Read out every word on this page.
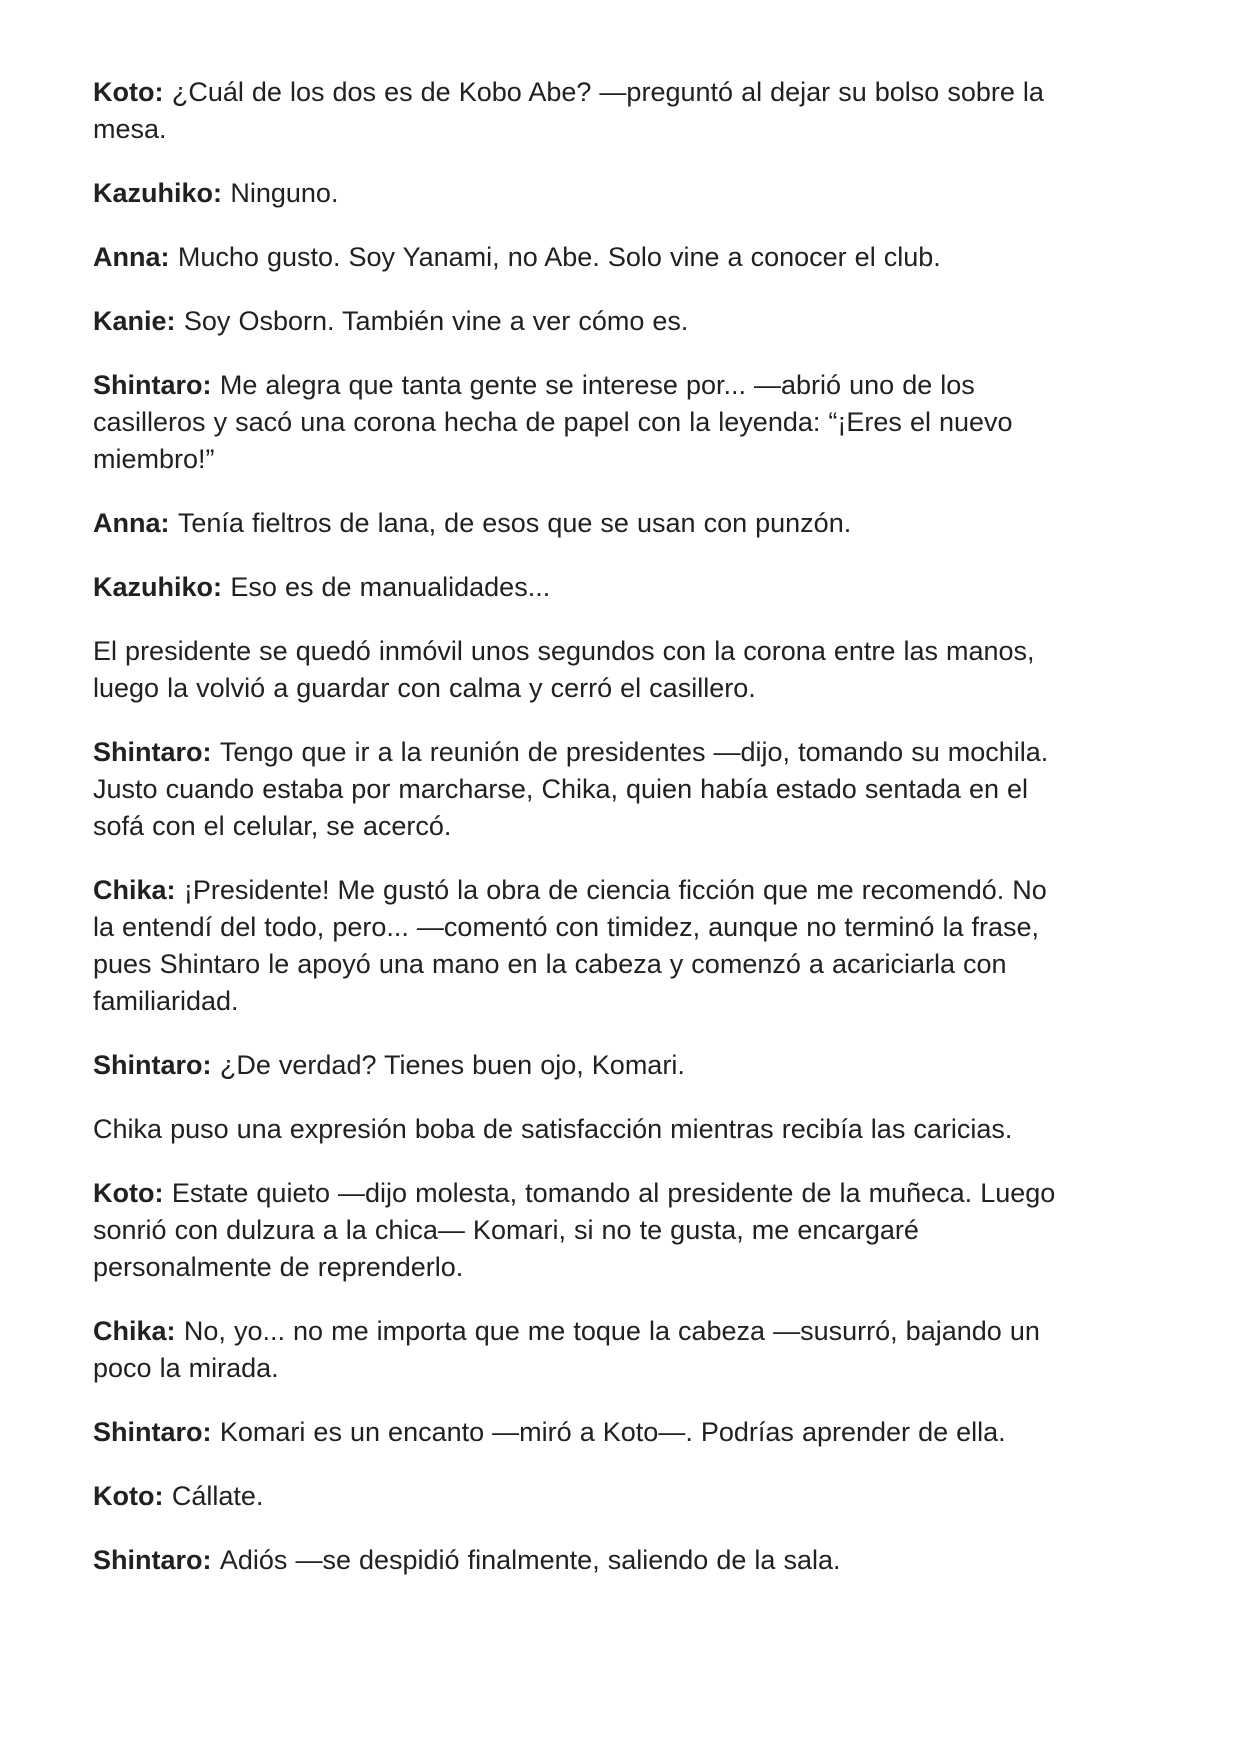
Koto: ¿Cuál de los dos es de Kobo Abe? —preguntó al dejar su bolso sobre la mesa.

Kazuhiko: Ninguno.

Anna: Mucho gusto. Soy Yanami, no Abe. Solo vine a conocer el club.

Kanie: Soy Osborn. También vine a ver cómo es.

Shintaro: Me alegra que tanta gente se interese por... —abrió uno de los casilleros y sacó una corona hecha de papel con la leyenda: “¡Eres el nuevo miembro!”

Anna: Tenía fieltros de lana, de esos que se usan con punzón.

Kazuhiko: Eso es de manualidades...

El presidente se quedó inmóvil unos segundos con la corona entre las manos, luego la volvió a guardar con calma y cerró el casillero.

Shintaro: Tengo que ir a la reunión de presidentes —dijo, tomando su mochila. Justo cuando estaba por marcharse, Chika, quien había estado sentada en el sofá con el celular, se acercó.

Chika: ¡Presidente! Me gustó la obra de ciencia ficción que me recomendó. No la entendí del todo, pero... —comentó con timidez, aunque no terminó la frase, pues Shintaro le apoyó una mano en la cabeza y comenzó a acariciarla con familiaridad.

Shintaro: ¿De verdad? Tienes buen ojo, Komari.

Chika puso una expresión boba de satisfacción mientras recibía las caricias.

Koto: Estate quieto —dijo molesta, tomando al presidente de la muñeca. Luego sonrió con dulzura a la chica— Komari, si no te gusta, me encargaré personalmente de reprenderlo.

Chika: No, yo... no me importa que me toque la cabeza —susurró, bajando un poco la mirada.

Shintaro: Komari es un encanto —miró a Koto—. Podrías aprender de ella.

Koto: Cállate.

Shintaro: Adiós —se despidió finalmente, saliendo de la sala.
